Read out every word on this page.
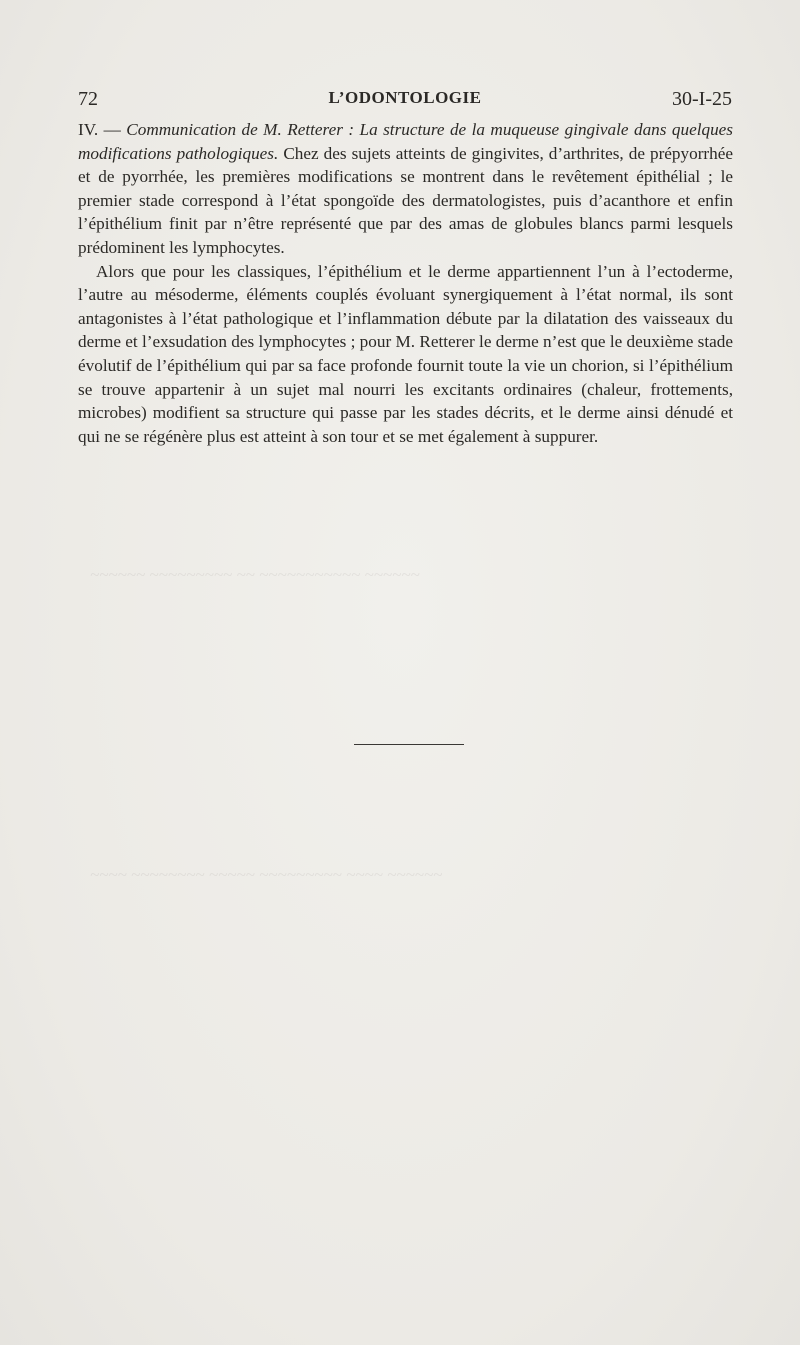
~~~~~~ ~~~~~~~~~ ~~ ~~~~~~~~~~~ ~~~~~~
~~~~ ~~~~~~~~ ~~~~~ ~~~~~~~~~ ~~~~ ~~~~~~
72	L’ODONTOLOGIE	30-I-25

IV. — Communication de M. Retterer : La structure de la muqueuse gingivale dans quelques modifications pathologiques. Chez des sujets atteints de gingivites, d’arthrites, de prépyorrhée et de pyorrhée, les premières modifications se montrent dans le revêtement épithélial ; le premier stade correspond à l’état spongoïde des dermatologistes, puis d’acanthore et enfin l’épithélium finit par n’être représenté que par des amas de globules blancs parmi lesquels prédominent les lymphocytes.

Alors que pour les classiques, l’épithélium et le derme appartiennent l’un à l’ectoderme, l’autre au mésoderme, éléments couplés évoluant synergiquement à l’état normal, ils sont antagonistes à l’état pathologique et l’inflammation débute par la dilatation des vaisseaux du derme et l’exsudation des lymphocytes ; pour M. Retterer le derme n’est que le deuxième stade évolutif de l’épithélium qui par sa face profonde fournit toute la vie un chorion, si l’épithélium se trouve appartenir à un sujet mal nourri les excitants ordinaires (chaleur, frottements, microbes) modifient sa structure qui passe par les stades décrits, et le derme ainsi dénudé et qui ne se régénère plus est atteint à son tour et se met également à suppurer.
